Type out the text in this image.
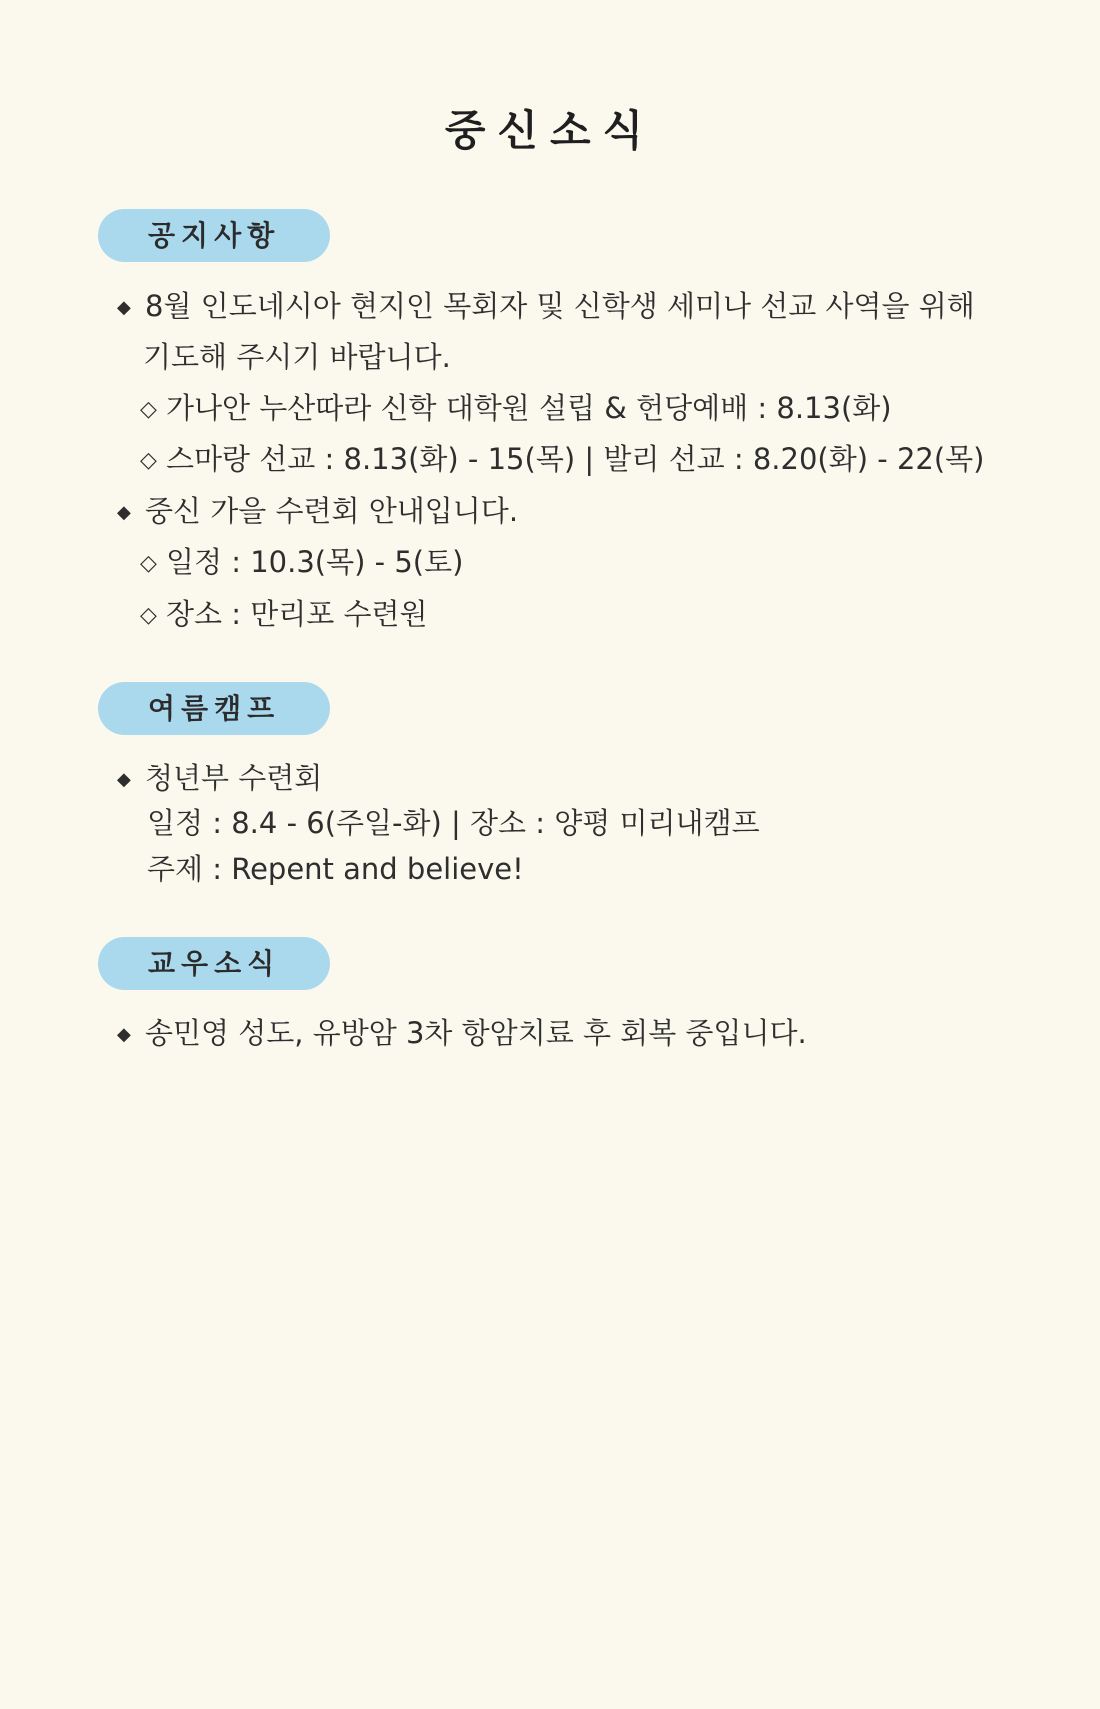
중신소식
공지사항
◆ 8월 인도네시아 현지인 목회자 및 신학생 세미나 선교 사역을 위해
기도해 주시기 바랍니다.
◇ 가나안 누산따라 신학 대학원 설립 & 헌당예배 : 8.13(화)
◇ 스마랑 선교 : 8.13(화) - 15(목) | 발리 선교 : 8.20(화) - 22(목)
◆ 중신 가을 수련회 안내입니다.
◇ 일정 : 10.3(목) - 5(토)
◇ 장소 : 만리포 수련원
여름캠프
◆ 청년부 수련회
일정 : 8.4 - 6(주일-화) | 장소 : 양평 미리내캠프
주제 : Repent and believe!
교우소식
◆ 송민영 성도, 유방암 3차 항암치료 후 회복 중입니다.
